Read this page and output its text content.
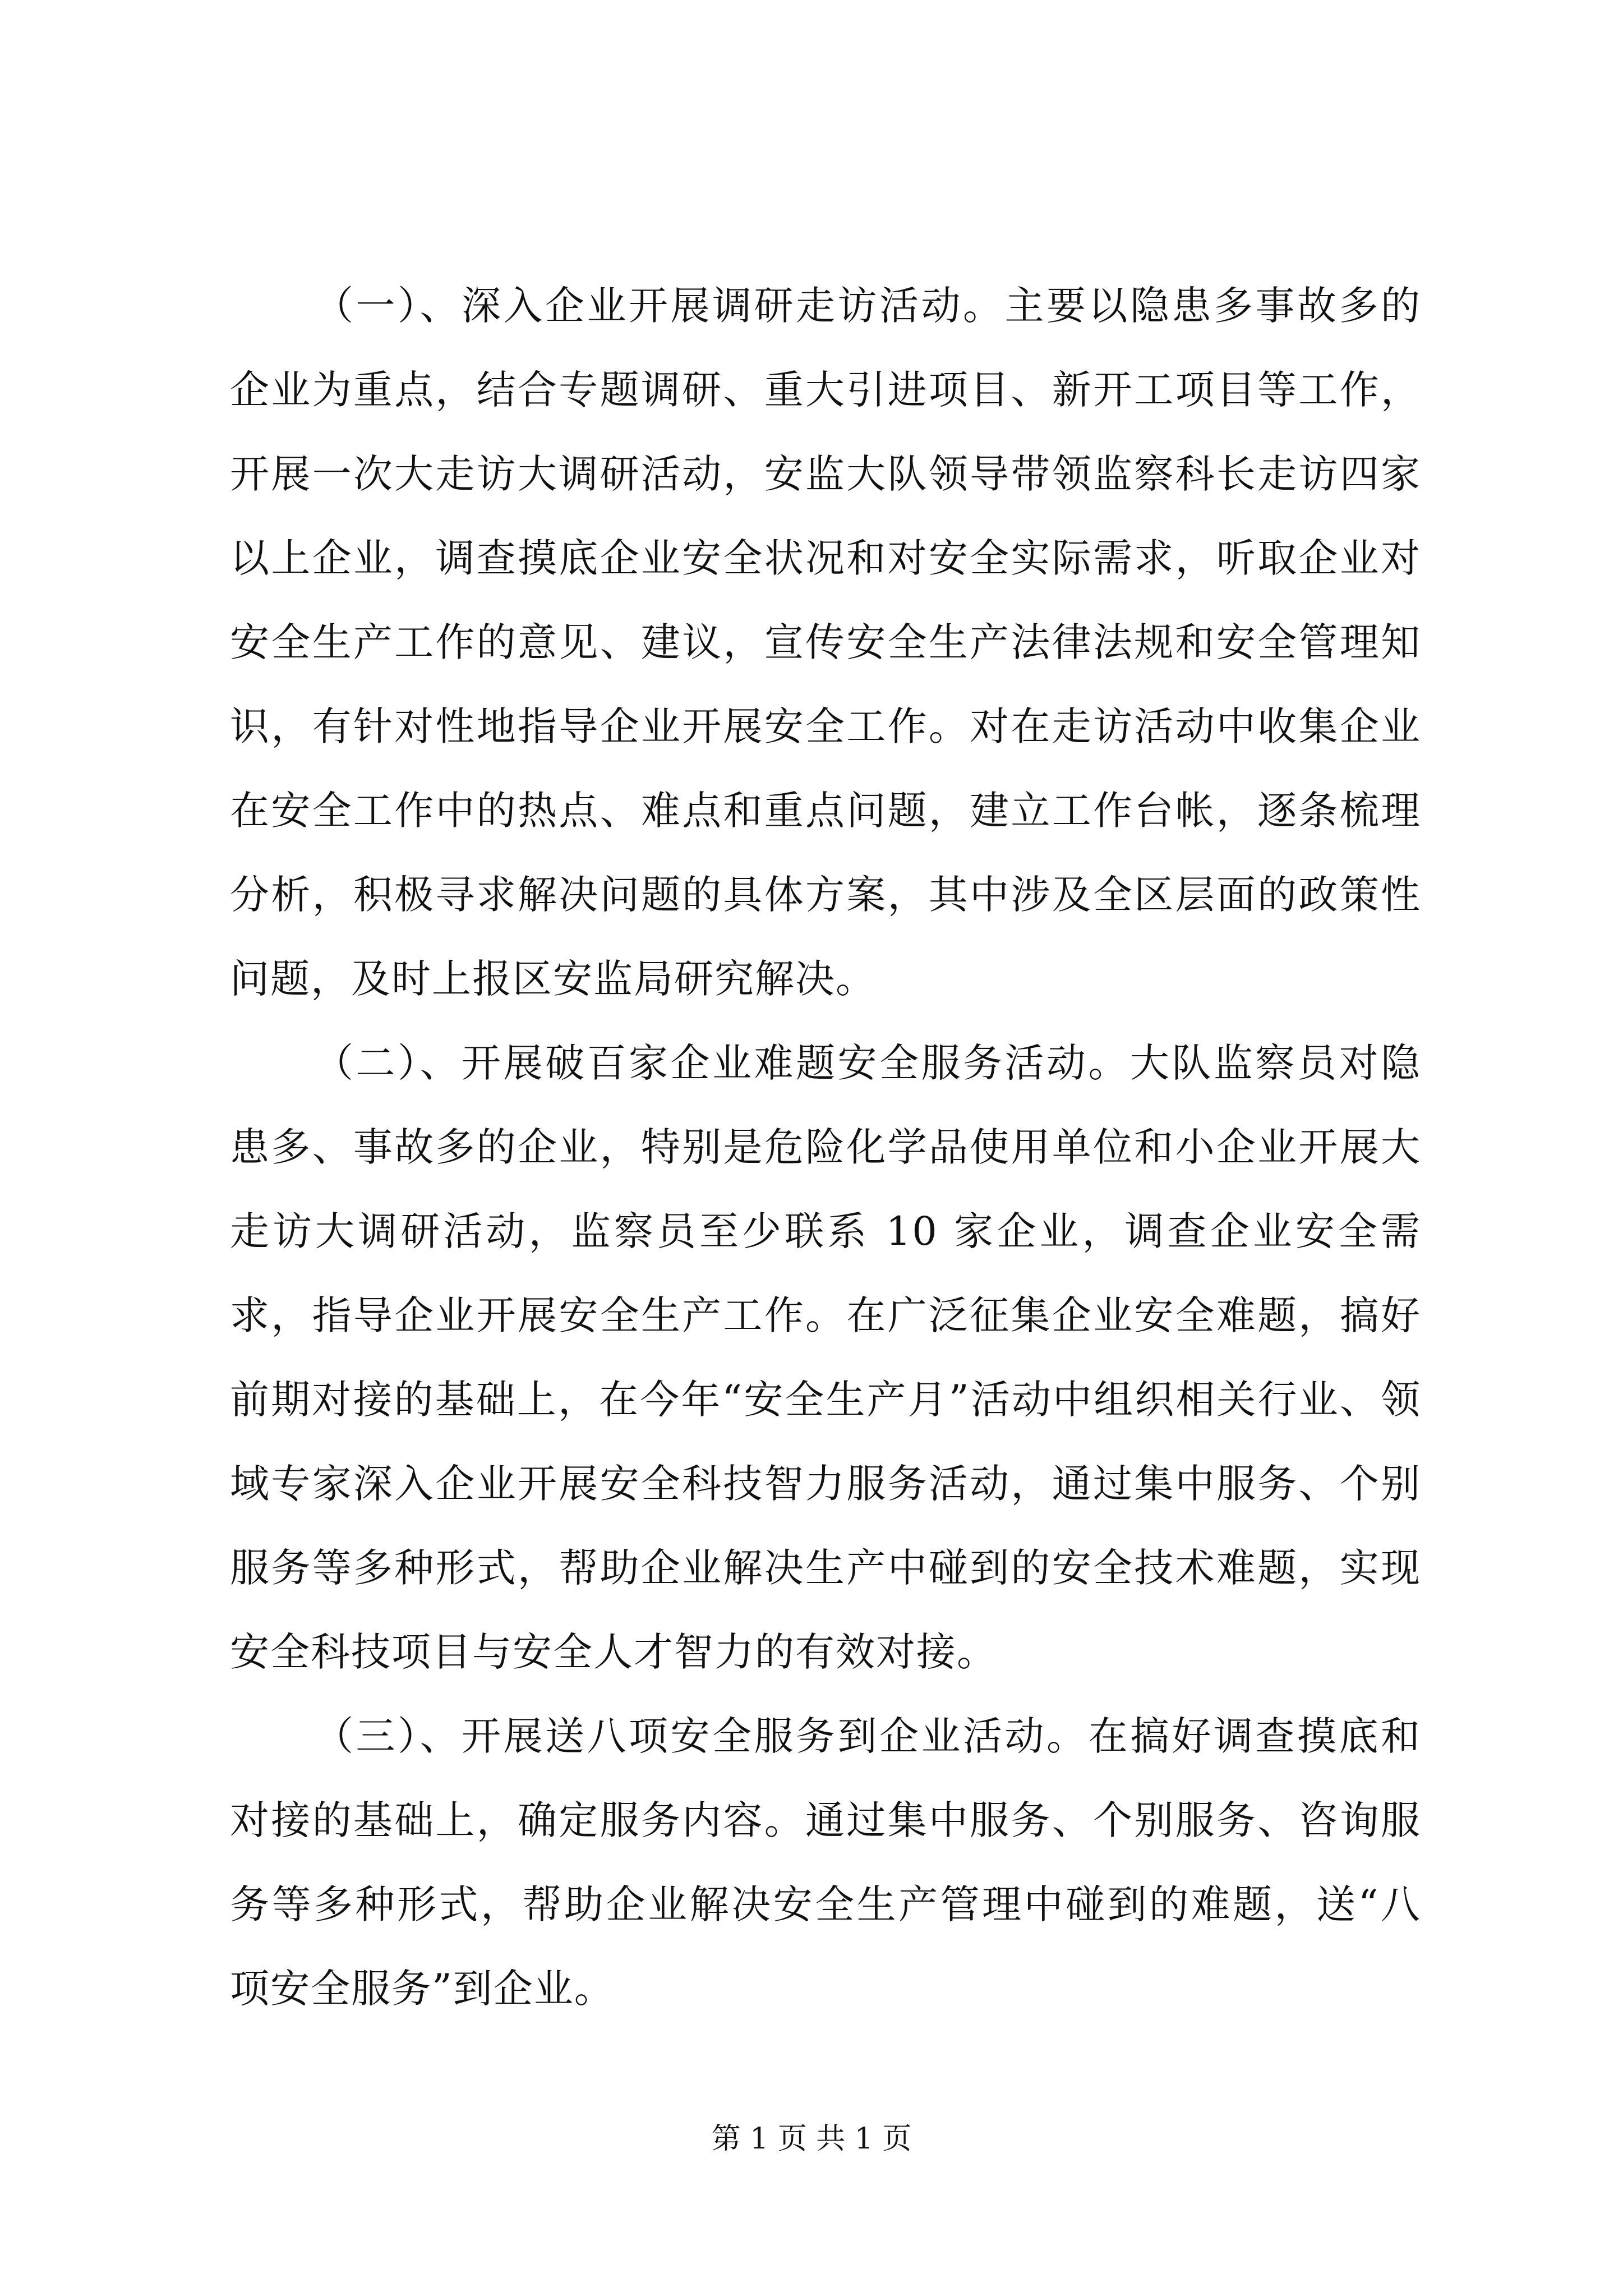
（一）、深入企业开展调研走访活动。主要以隐患多事故多的企业为重点，结合专题调研、重大引进项目、新开工项目等工作，开展一次大走访大调研活动，安监大队领导带领监察科长走访四家以上企业，调查摸底企业安全状况和对安全实际需求，听取企业对安全生产工作的意见、建议，宣传安全生产法律法规和安全管理知识，有针对性地指导企业开展安全工作。对在走访活动中收集企业在安全工作中的热点、难点和重点问题，建立工作台帐，逐条梳理分析，积极寻求解决问题的具体方案，其中涉及全区层面的政策性问题，及时上报区安监局研究解决。

（二）、开展破百家企业难题安全服务活动。大队监察员对隐患多、事故多的企业，特别是危险化学品使用单位和小企业开展大走访大调研活动，监察员至少联系 10 家企业，调查企业安全需求，指导企业开展安全生产工作。在广泛征集企业安全难题，搞好前期对接的基础上，在今年“安全生产月”活动中组织相关行业、领域专家深入企业开展安全科技智力服务活动，通过集中服务、个别服务等多种形式，帮助企业解决生产中碰到的安全技术难题，实现安全科技项目与安全人才智力的有效对接。

（三）、开展送八项安全服务到企业活动。在搞好调查摸底和对接的基础上，确定服务内容。通过集中服务、个别服务、咨询服务等多种形式，帮助企业解决安全生产管理中碰到的难题，送“八项安全服务”到企业。

第 1 页 共 1 页
